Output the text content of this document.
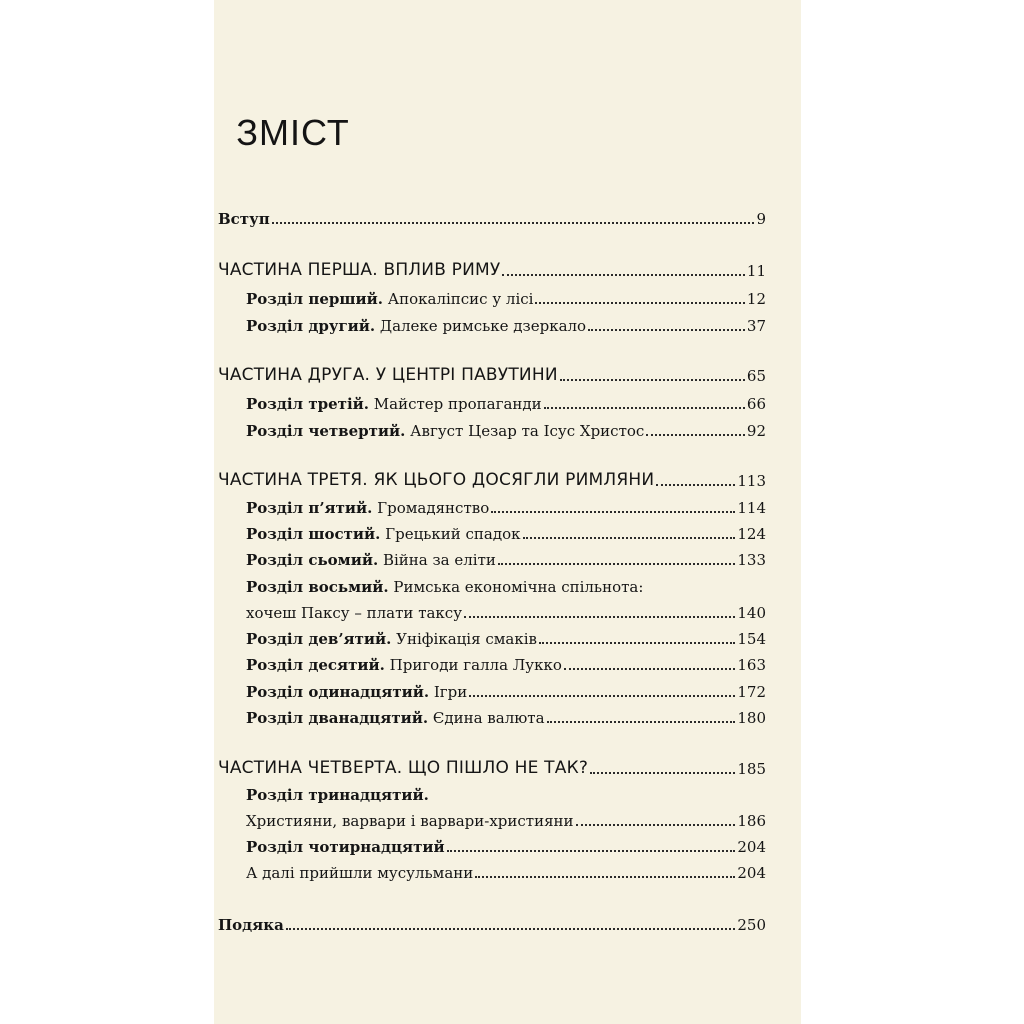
ЗМІСТ
Вступ	9
ЧАСТИНА ПЕРША. ВПЛИВ РИМУ	11
Розділ перший. Апокаліпсис у лісі	12
Розділ другий. Далеке римське дзеркало	37
ЧАСТИНА ДРУГА. У ЦЕНТРІ ПАВУТИНИ	65
Розділ третій. Майстер пропаганди	66
Розділ четвертий. Август Цезар та Ісус Христос	92
ЧАСТИНА ТРЕТЯ. ЯК ЦЬОГО ДОСЯГЛИ РИМЛЯНИ	113
Розділ п’ятий. Громадянство	114
Розділ шостий. Грецький спадок	124
Розділ сьомий. Війна за еліти	133
Розділ восьмий. Римська економічна спільнота:
хочеш Паксу – плати таксу	140
Розділ дев’ятий. Уніфікація смаків	154
Розділ десятий. Пригоди галла Лукко	163
Розділ одинадцятий. Ігри	172
Розділ дванадцятий. Єдина валюта	180
ЧАСТИНА ЧЕТВЕРТА. ЩО ПІШЛО НЕ ТАК?	185
Розділ тринадцятий.
Християни, варвари і варвари-християни	186
Розділ чотирнадцятий	204
А далі прийшли мусульмани	204
Подяка	250
